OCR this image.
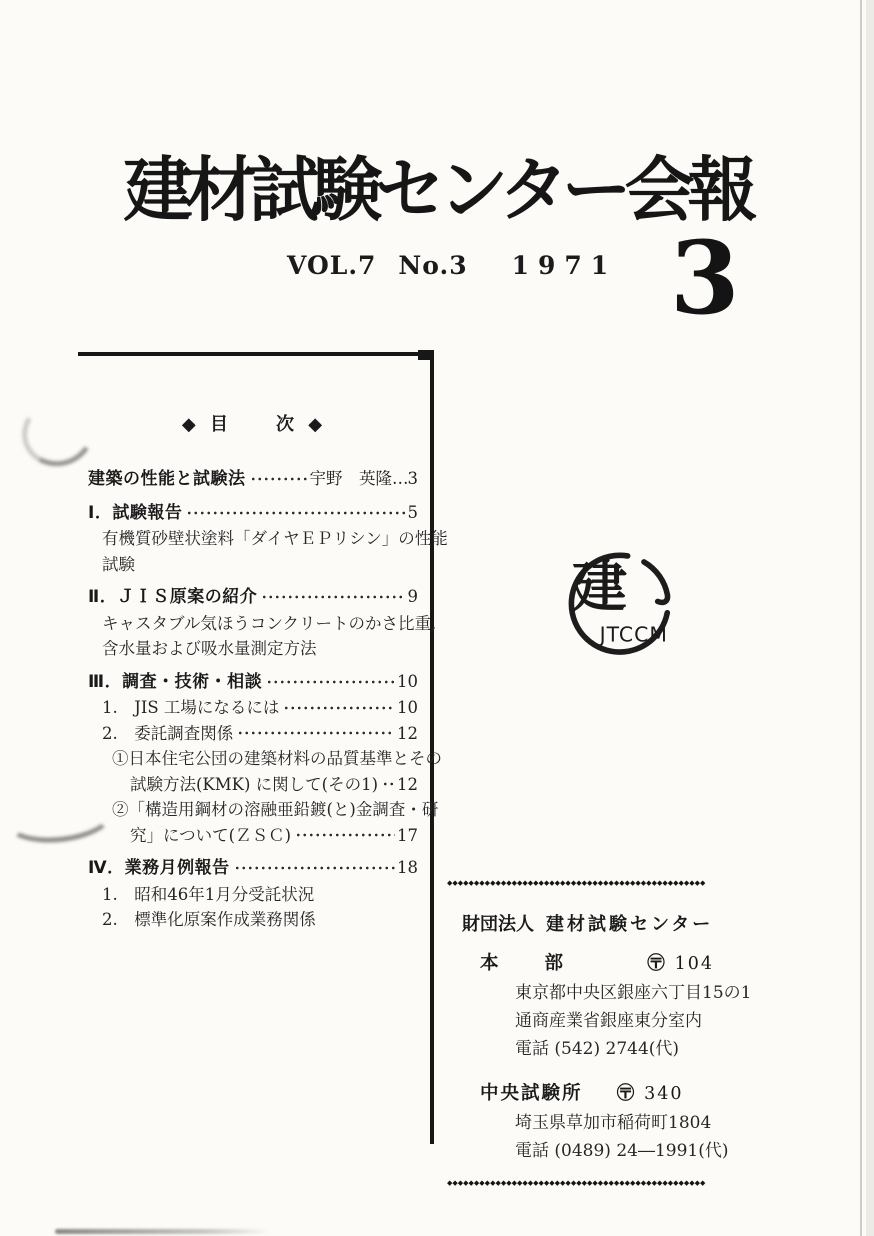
建材試験センター会報
VOL.7 No.3 1971 3
◆ 目　　次 ◆
建築の性能と試験法	宇野　英隆 … 3
Ⅰ．試験報告	5
有機質砂壁状塗料「ダイヤＥＰリシン」の性能
試験
Ⅱ．ＪＩＳ原案の紹介	9
キャスタブル気ほうコンクリートのかさ比重,
含水量および吸水量測定方法
Ⅲ．調査・技術・相談	10
1.　JIS 工場になるには	10
2.　委託調査関係	12
①日本住宅公団の建築材料の品質基準とその
試験方法(KMK) に関して(その1) 12
②「構造用鋼材の溶融亜鉛鍍(と)金調査・研
究」について(ＺＳＣ)	17
Ⅳ．業務月例報告	18
1.　昭和46年1月分受託状況
2.　標準化原案作成業務関係
建
JTCCM
◆◆◆◆◆◆◆◆◆◆◆◆◆◆◆◆◆◆◆◆◆◆◆◆◆◆◆◆◆◆◆◆◆◆◆◆◆◆◆◆◆◆◆◆◆◆◆◆
財団法人 建材試験センター
本部 〶 104
東京都中央区銀座六丁目15の1
通商産業省銀座東分室内
電話 (542) 2744(代)
中央試験所 〶 340
埼玉県草加市稲荷町1804
電話 (0489) 24―1991(代)
◆◆◆◆◆◆◆◆◆◆◆◆◆◆◆◆◆◆◆◆◆◆◆◆◆◆◆◆◆◆◆◆◆◆◆◆◆◆◆◆◆◆◆◆◆◆◆◆
